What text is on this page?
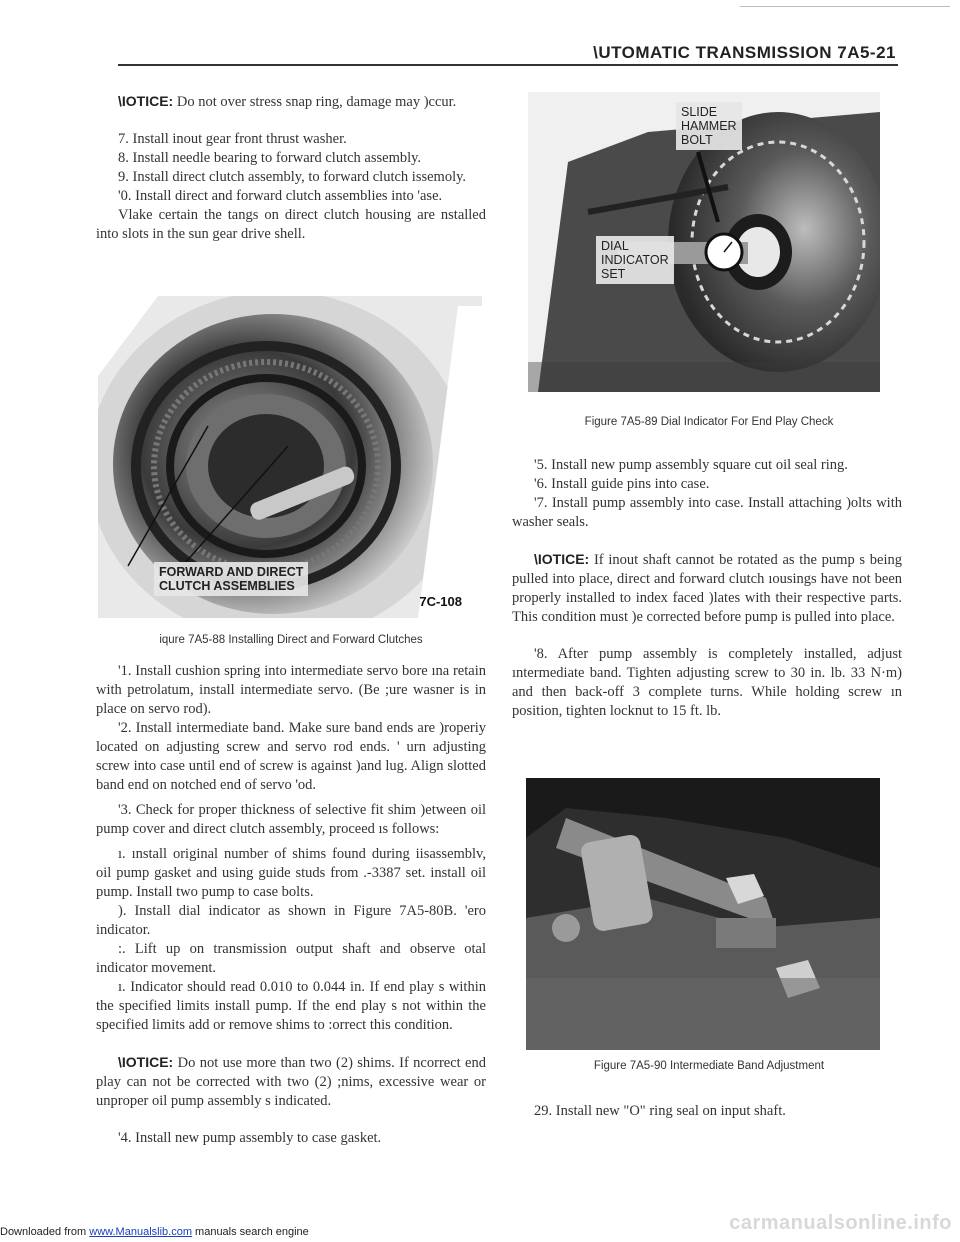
\UTOMATIC TRANSMISSION 7A5-21

\IOTICE: Do not over stress snap ring, damage may )ccur.

7. Install inout gear front thrust washer.

8. Install needle bearing to forward clutch assembly.

9. Install direct clutch assembly, to forward clutch issemoly.

'0. Install direct and forward clutch assemblies into 'ase.

Vlake certain the tangs on direct clutch housing are nstalled into slots in the sun gear drive shell.

FORWARD AND DIRECT
CLUTCH ASSEMBLIES
7C-108
iqure 7A5-88 Installing Direct and Forward Clutches

'1. Install cushion spring into intermediate servo bore ına retain with petrolatum, install intermediate servo. (Be ;ure wasner is in place on servo rod).

'2. Install intermediate band. Make sure band ends are )roperiy located on adjusting screw and servo rod ends. ' urn adjusting screw into case until end of screw is against )and lug. Align slotted band end on notched end of servo 'od.

'3. Check for proper thickness of selective fit shim )etween oil pump cover and direct clutch assembly, proceed ıs follows:

ı. ınstall original number of shims found during iisassemblv, oil pump gasket and using guide studs from .-3387 set. install oil pump. Install two pump to case bolts.

). Install dial indicator as shown in Figure 7A5-80B. 'ero indicator.

:. Lift up on transmission output shaft and observe otal indicator movement.

ı. Indicator should read 0.010 to 0.044 in. If end play s within the specified limits install pump. If the end play s not within the specified limits add or remove shims to :orrect this condition.

\IOTICE: Do not use more than two (2) shims. If ncorrect end play can not be corrected with two (2) ;nims, excessive wear or unproper oil pump assembly s indicated.

'4. Install new pump assembly to case gasket.

SLIDE
HAMMER
BOLT
DIAL
INDICATOR
SET
Figure 7A5-89 Dial Indicator For End Play Check

'5. Install new pump assembly square cut oil seal ring.

'6. Install guide pins into case.

'7. Install pump assembly into case. Install attaching )olts with washer seals.

\IOTICE: If inout shaft cannot be rotated as the pump s being pulled into place, direct and forward clutch ıousings have not been properly installed to index faced )lates with their respective parts. This condition must )e corrected before pump is pulled into place.

'8. After pump assembly is completely installed, adjust ıntermediate band. Tighten adjusting screw to 30 in. lb. 33 N·m) and then back-off 3 complete turns. While holding screw ın position, tighten locknut to 15 ft. lb.

Figure 7A5-90 Intermediate Band Adjustment

29. Install new "O" ring seal on input shaft.

Downloaded from www.Manualslib.com manuals search engine	carmanualsonline.info
